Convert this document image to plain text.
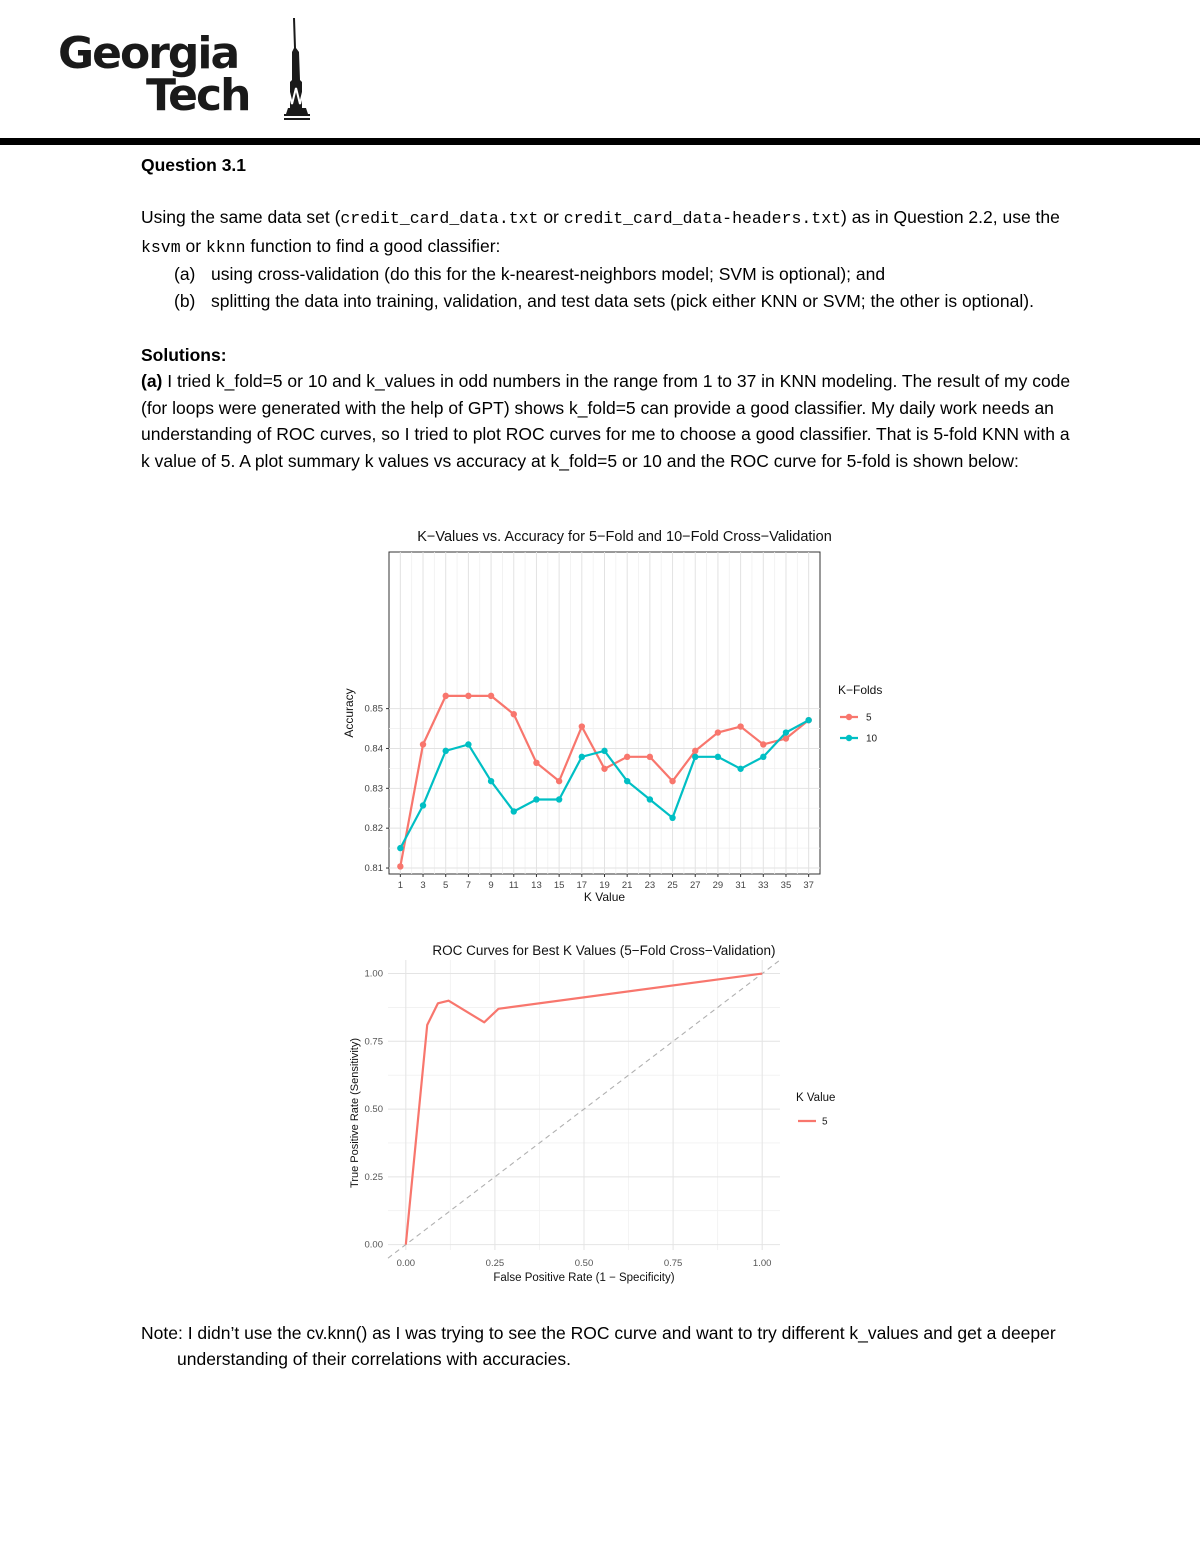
Georgia
Tech

Question 3.1

Using the same data set (credit_card_data.txt or credit_card_data-headers.txt) as in Question 2.2, use the ksvm or kknn function to find a good classifier:

(a) using cross-validation (do this for the k-nearest-neighbors model; SVM is optional); and

(b) splitting the data into training, validation, and test data sets (pick either KNN or SVM; the other is optional).

Solutions:

(a) I tried k_fold=5 or 10 and k_values in odd numbers in the range from 1 to 37 in KNN modeling. The result of my code (for loops were generated with the help of GPT) shows k_fold=5 can provide a good classifier. My daily work needs an understanding of ROC curves, so I tried to plot ROC curves for me to choose a good classifier. That is 5-fold KNN with a k value of 5. A plot summary k values vs accuracy at k_fold=5 or 10 and the ROC curve for 5-fold is shown below:

K−Values vs. Accuracy for 5−Fold and 10−Fold Cross−Validation
0.81
0.82
0.83
0.84
0.85
1 3 5 7 9 11 13 15 17 19 21 23 25 27 29 31 33 35 37
K Value
Accuracy	K−Folds
5
10
ROC Curves for Best K Values (5−Fold Cross−Validation)
0.00	0.25	0.50	0.75	1.00
0.00
0.25
0.50
0.75
1.00
False Positive Rate (1 − Specificity)
True Positive Rate (Sensitivity)	K Value
5

Note: I didn’t use the cv.knn() as I was trying to see the ROC curve and want to try different k_values and get a deeper understanding of their correlations with accuracies.
